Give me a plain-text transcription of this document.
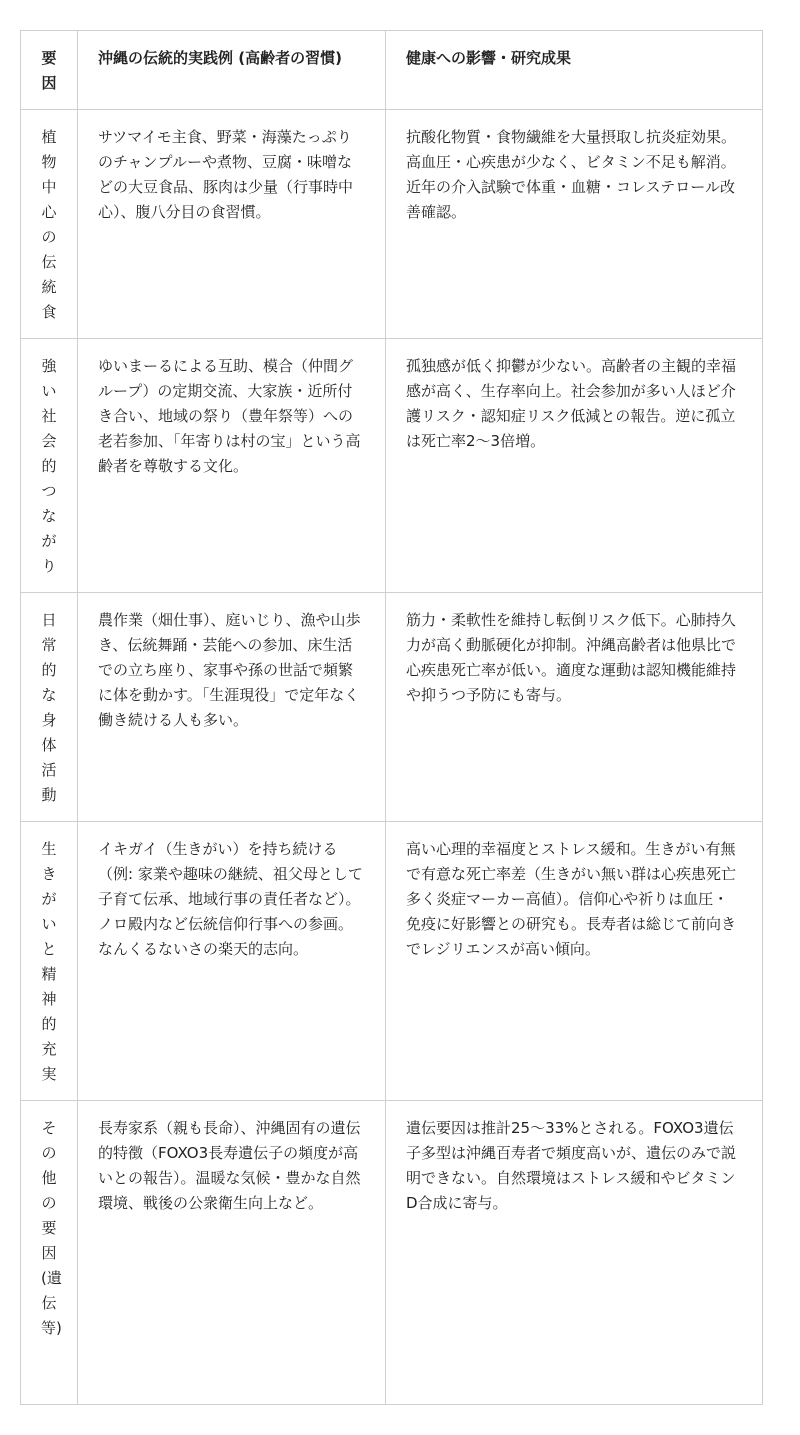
要因	沖縄の伝統的実践例 (高齢者の習慣)	健康への影響・研究成果

植物中心の伝統食	サツマイモ主食、野菜・海藻たっぷりのチャンプルーや煮物、豆腐・味噌などの大豆食品、豚肉は少量（行事時中心）、腹八分目の食習慣。	抗酸化物質・食物繊維を大量摂取し抗炎症効果。高血圧・心疾患が少なく、ビタミン不足も解消。近年の介入試験で体重・血糖・コレステロール改善確認。

強い社会的つながり	ゆいまーるによる互助、模合（仲間グループ）の定期交流、大家族・近所付き合い、地域の祭り（豊年祭等）への老若参加、「年寄りは村の宝」という高齢者を尊敬する文化。	孤独感が低く抑鬱が少ない。高齢者の主観的幸福感が高く、生存率向上。社会参加が多い人ほど介護リスク・認知症リスク低減との報告。逆に孤立は死亡率2〜3倍増。

日常的な身体活動	農作業（畑仕事）、庭いじり、漁や山歩き、伝統舞踊・芸能への参加、床生活での立ち座り、家事や孫の世話で頻繁に体を動かす。「生涯現役」で定年なく働き続ける人も多い。	筋力・柔軟性を維持し転倒リスク低下。心肺持久力が高く動脈硬化が抑制。沖縄高齢者は他県比で心疾患死亡率が低い。適度な運動は認知機能維持や抑うつ予防にも寄与。

生きがいと精神的充実	イキガイ（生きがい）を持ち続ける（例: 家業や趣味の継続、祖父母として子育て伝承、地域行事の責任者など）。ノロ殿内など伝統信仰行事への参画。なんくるないさの楽天的志向。	高い心理的幸福度とストレス緩和。生きがい有無で有意な死亡率差（生きがい無い群は心疾患死亡多く炎症マーカー高値）。信仰心や祈りは血圧・免疫に好影響との研究も。長寿者は総じて前向きでレジリエンスが高い傾向。

その他の要因(遺伝等)	長寿家系（親も長命）、沖縄固有の遺伝的特徴（FOXO3長寿遺伝子の頻度が高いとの報告）。温暖な気候・豊かな自然環境、戦後の公衆衛生向上など。	遺伝要因は推計25〜33%とされる。FOXO3遺伝子多型は沖縄百寿者で頻度高いが、遺伝のみで説明できない。自然環境はストレス緩和やビタミンD合成に寄与。
